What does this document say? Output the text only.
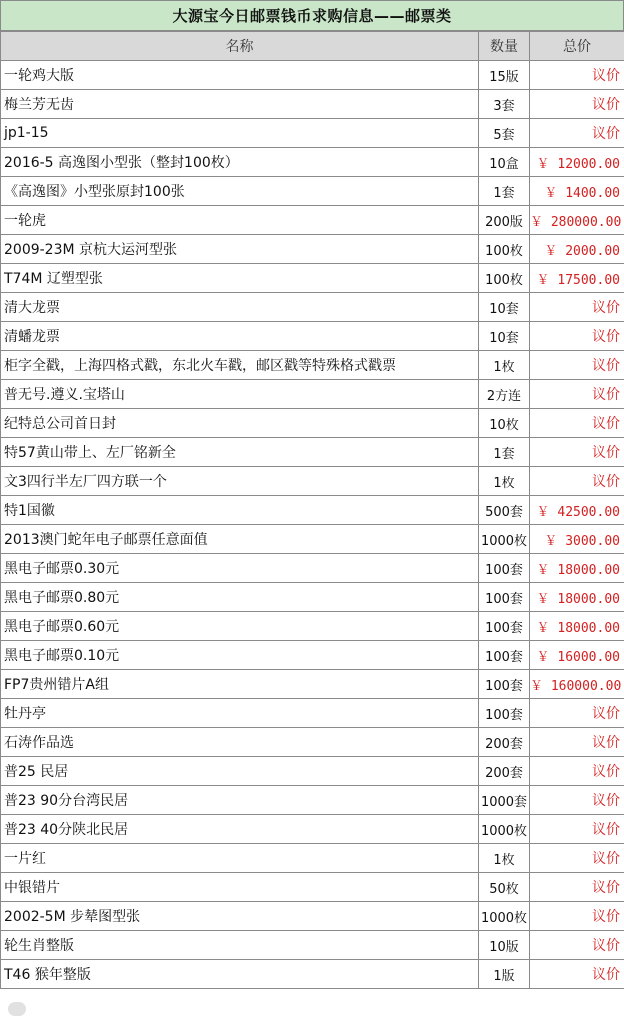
大源宝今日邮票钱币求购信息——邮票类
名称	数量	总价
一轮鸡大版	15版	议价
梅兰芳无齿	3套	议价
jp1-15	5套	议价
2016-5 高逸图小型张（整封100枚）	10盒	￥ 12000.00
《高逸图》小型张原封100张	1套	￥ 1400.00
一轮虎	200版	￥ 280000.00
2009-23M 京杭大运河型张	100枚	￥ 2000.00
T74M 辽塑型张	100枚	￥ 17500.00
清大龙票	10套	议价
清蟠龙票	10套	议价
柜字全戳，上海四格式戳，东北火车戳，邮区戳等特殊格式戳票	1枚	议价
普无号.遵义.宝塔山	2方连	议价
纪特总公司首日封	10枚	议价
特57黄山带上、左厂铭新全	1套	议价
文3四行半左厂四方联一个	1枚	议价
特1国徽	500套	￥ 42500.00
2013澳门蛇年电子邮票任意面值	1000枚	￥ 3000.00
黑电子邮票0.30元	100套	￥ 18000.00
黑电子邮票0.80元	100套	￥ 18000.00
黑电子邮票0.60元	100套	￥ 18000.00
黑电子邮票0.10元	100套	￥ 16000.00
FP7贵州错片A组	100套	￥ 160000.00
牡丹亭	100套	议价
石涛作品选	200套	议价
普25 民居	200套	议价
普23 90分台湾民居	1000套	议价
普23 40分陕北民居	1000枚	议价
一片红	1枚	议价
中银错片	50枚	议价
2002-5M 步辇图型张	1000枚	议价
轮生肖整版	10版	议价
T46 猴年整版	1版	议价
